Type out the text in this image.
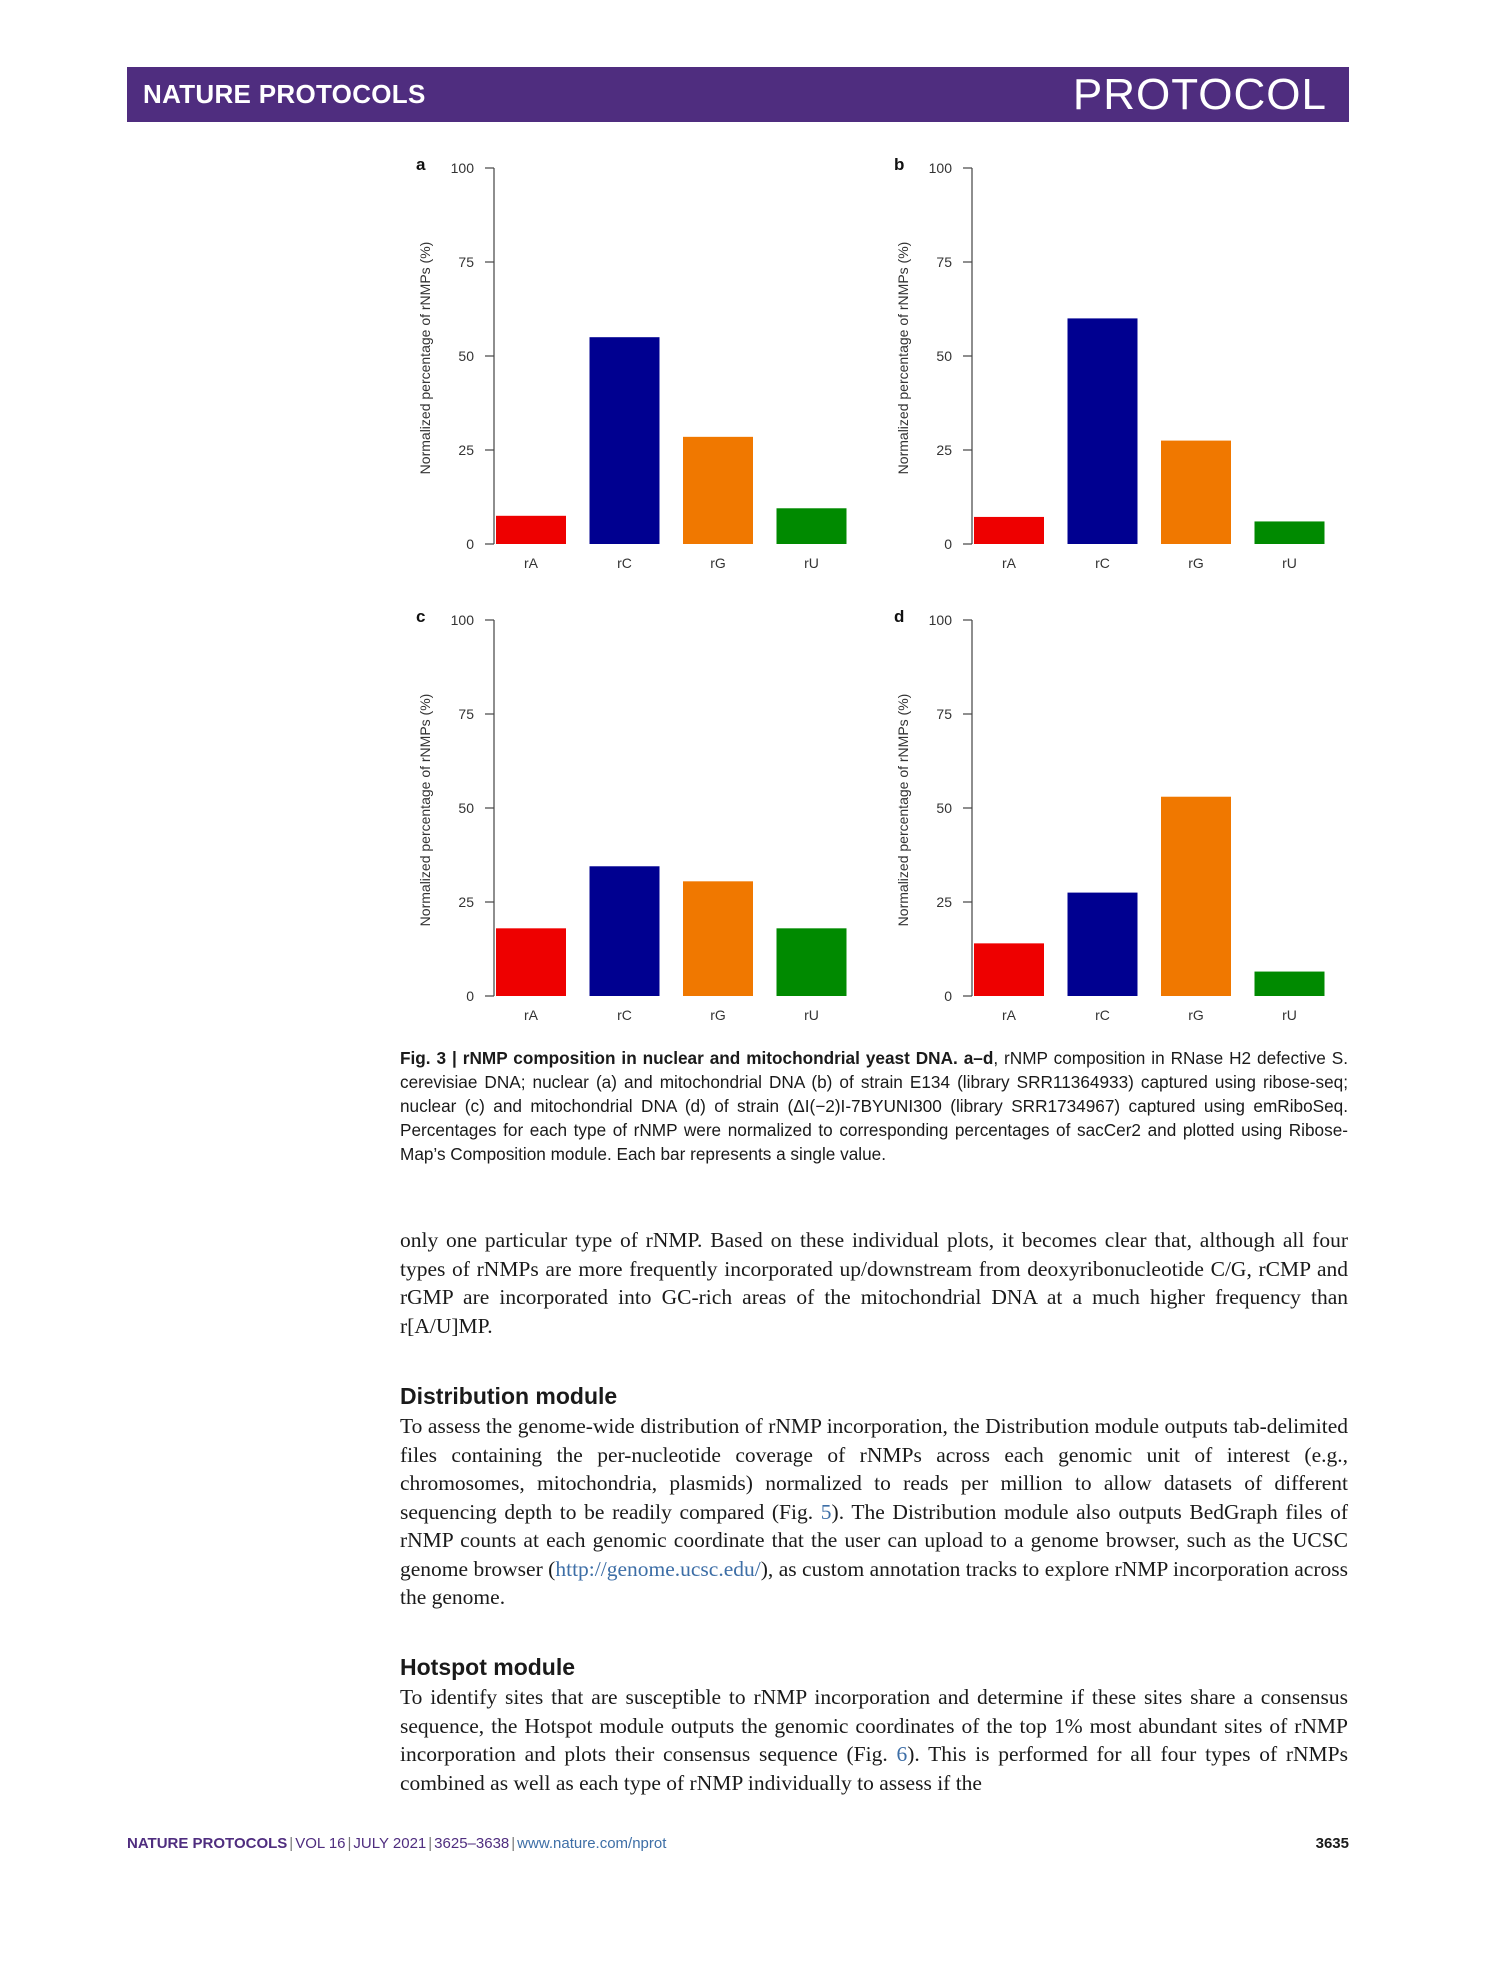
NATURE PROTOCOLS	PROTOCOL
a
0
25
50
75
100
Normalized percentage of rNMPs (%)
rA	rC	rG	rU
b
0
25
50
75
100
Normalized percentage of rNMPs (%)
rA	rC	rG	rU
c
0
25
50
75
100
Normalized percentage of rNMPs (%)
rA	rC	rG	rU
d
0
25
50
75
100
Normalized percentage of rNMPs (%)
rA	rC	rG	rU
Fig. 3 | rNMP composition in nuclear and mitochondrial yeast DNA. a–d, rNMP composition in RNase H2 defective S. cerevisiae DNA; nuclear (a) and mitochondrial DNA (b) of strain E134 (library SRR11364933) captured using ribose-seq; nuclear (c) and mitochondrial DNA (d) of strain (ΔI(−2)I-7BYUNI300 (library SRR1734967) captured using emRiboSeq. Percentages for each type of rNMP were normalized to corresponding percentages of sacCer2 and plotted using Ribose-Map’s Composition module. Each bar represents a single value.
only one particular type of rNMP. Based on these individual plots, it becomes clear that, although all four types of rNMPs are more frequently incorporated up/downstream from deoxyribonucleotide C/G, rCMP and rGMP are incorporated into GC-rich areas of the mitochondrial DNA at a much higher frequency than r[A/U]MP.
Distribution module
To assess the genome-wide distribution of rNMP incorporation, the Distribution module outputs tab-delimited files containing the per-nucleotide coverage of rNMPs across each genomic unit of interest (e.g., chromosomes, mitochondria, plasmids) normalized to reads per million to allow datasets of different sequencing depth to be readily compared (Fig. 5). The Distribution module also outputs BedGraph files of rNMP counts at each genomic coordinate that the user can upload to a genome browser, such as the UCSC genome browser (http://genome.ucsc.edu/), as custom annotation tracks to explore rNMP incorporation across the genome.
Hotspot module
To identify sites that are susceptible to rNMP incorporation and determine if these sites share a consensus sequence, the Hotspot module outputs the genomic coordinates of the top 1% most abundant sites of rNMP incorporation and plots their consensus sequence (Fig. 6). This is performed for all four types of rNMPs combined as well as each type of rNMP individually to assess if the
NATURE PROTOCOLS | VOL 16 | JULY 2021 | 3625–3638 | www.nature.com/nprot	3635
